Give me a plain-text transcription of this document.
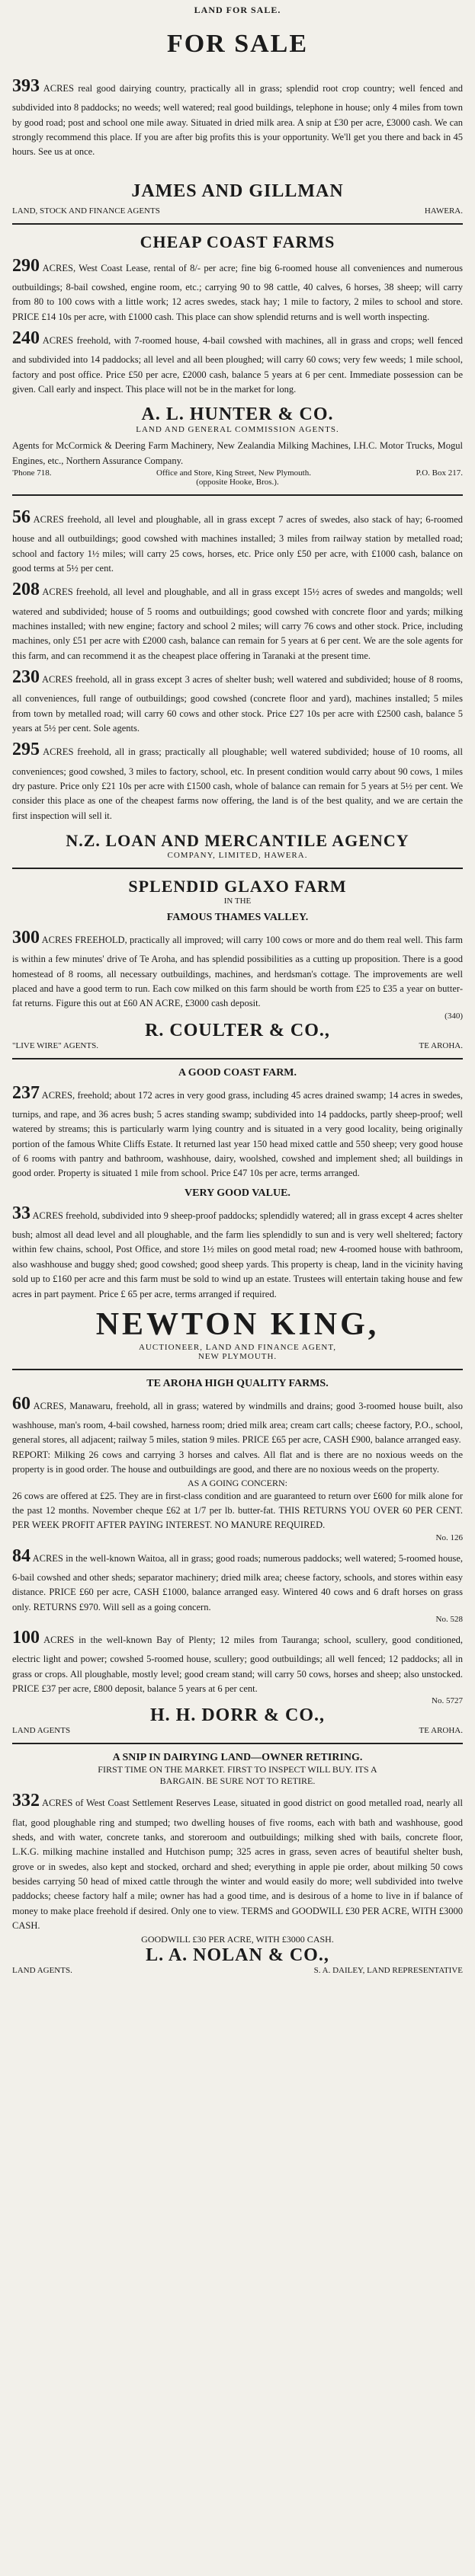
LAND FOR SALE.
FOR SALE
393 ACRES real good dairying country, practically all in grass; splendid root crop country; well fenced and subdivided into 8 paddocks; no weeds; well watered; real good buildings, telephone in house; only 4 miles from town by good road; post and school one mile away. Situated in dried milk area. A snip at £30 per acre, £3000 cash. We can strongly recommend this place. If you are after big profits this is your opportunity. We'll get you there and back in 45 hours. See us at once.
JAMES AND GILLMAN
LAND, STOCK AND FINANCE AGENTS	HAWERA.
CHEAP COAST FARMS
290 ACRES, West Coast Lease, rental of 8/- per acre; fine big 6-roomed house all conveniences and numerous outbuildings; 8-bail cowshed, engine room, etc.; carrying 90 to 98 cattle, 40 calves, 6 horses, 38 sheep; will carry from 80 to 100 cows with a little work; 12 acres swedes, stack hay; 1 mile to factory, 2 miles to school and store. PRICE £14 10s per acre, with £1000 cash. This place can show splendid returns and is well worth inspecting.
240 ACRES freehold, with 7-roomed house, 4-bail cowshed with machines, all in grass and crops; well fenced and subdivided into 14 paddocks; all level and all been ploughed; will carry 60 cows; very few weeds; 1 mile school, factory and post office. Price £50 per acre, £2000 cash, balance 5 years at 6 per cent. Immediate possession can be given. Call early and inspect. This place will not be in the market for long.
A. L. HUNTER & CO.
LAND AND GENERAL COMMISSION AGENTS.
Agents for McCormick & Deering Farm Machinery, New Zealandia Milking Machines, I.H.C. Motor Trucks, Mogul Engines, etc., Northern Assurance Company.
'Phone 718.	Office and Store, King Street, New Plymouth.	P.O. Box 217.
(opposite Hooke, Bros.).
56 ACRES freehold, all level and ploughable, all in grass except 7 acres of swedes, also stack of hay; 6-roomed house and all outbuildings; good cowshed with machines installed; 3 miles from railway station by metalled road; school and factory 1½ miles; will carry 25 cows, horses, etc. Price only £50 per acre, with £1000 cash, balance on good terms at 5½ per cent.
208 ACRES freehold, all level and ploughable, and all in grass except 15½ acres of swedes and mangolds; well watered and subdivided; house of 5 rooms and outbuildings; good cowshed with concrete floor and yards; milking machines installed; with new engine; factory and school 2 miles; will carry 76 cows and other stock. Price, including machines, only £51 per acre with £2000 cash, balance can remain for 5 years at 6 per cent. We are the sole agents for this farm, and can recommend it as the cheapest place offering in Taranaki at the present time.
230 ACRES freehold, all in grass except 3 acres of shelter bush; well watered and subdivided; house of 8 rooms, all conveniences, full range of outbuildings; good cowshed (concrete floor and yard), machines installed; 5 miles from town by metalled road; will carry 60 cows and other stock. Price £27 10s per acre with £2500 cash, balance 5 years at 5½ per cent. Sole agents.
295 ACRES freehold, all in grass; practically all ploughable; well watered subdivided; house of 10 rooms, all conveniences; good cowshed, 3 miles to factory, school, etc. In present condition would carry about 90 cows, 1 miles dry pasture. Price only £21 10s per acre with £1500 cash, whole of balance can remain for 5 years at 5½ per cent. We consider this place as one of the cheapest farms now offering, the land is of the best quality, and we are certain the first inspection will sell it.
N.Z. LOAN AND MERCANTILE AGENCY
COMPANY, LIMITED, HAWERA.
SPLENDID GLAXO FARM
IN THE
FAMOUS THAMES VALLEY.
300 ACRES FREEHOLD, practically all improved; will carry 100 cows or more and do them real well. This farm is within a few minutes' drive of Te Aroha, and has splendid possibilities as a cutting up proposition. There is a good homestead of 8 rooms, all necessary outbuildings, machines, and herdsman's cottage. The improvements are well placed and have a good term to run. Each cow milked on this farm should be worth from £25 to £35 a year on butter-fat returns. Figure this out at £60 AN ACRE, £3000 cash deposit.
(340)
R. COULTER & CO.,
"LIVE WIRE" AGENTS.	TE AROHA.
A GOOD COAST FARM.
237 ACRES, freehold; about 172 acres in very good grass, including 45 acres drained swamp; 14 acres in swedes, turnips, and rape, and 36 acres bush; 5 acres standing swamp; subdivided into 14 paddocks, partly sheep-proof; well watered by streams; this is particularly warm lying country and is situated in a very good locality, being originally portion of the famous White Cliffs Estate. It returned last year 150 head mixed cattle and 550 sheep; very good house of 6 rooms with pantry and bathroom, washhouse, dairy, woolshed, cowshed and implement shed; all buildings in good order. Property is situated 1 mile from school. Price £47 10s per acre, terms arranged.
VERY GOOD VALUE.
33 ACRES freehold, subdivided into 9 sheep-proof paddocks; splendidly watered; all in grass except 4 acres shelter bush; almost all dead level and all ploughable, and the farm lies splendidly to sun and is very well sheltered; factory within few chains, school, Post Office, and store 1½ miles on good metal road; new 4-roomed house with bathroom, also washhouse and buggy shed; good cowshed; good sheep yards. This property is cheap, land in the vicinity having sold up to £160 per acre and this farm must be sold to wind up an estate. Trustees will entertain taking house and few acres in part payment. Price £ 65 per acre, terms arranged if required.
NEWTON KING,
AUCTIONEER, LAND AND FINANCE AGENT,
NEW PLYMOUTH.
TE AROHA HIGH QUALITY FARMS.
60 ACRES, Manawaru, freehold, all in grass; watered by windmills and drains; good 3-roomed house built, also washhouse, man's room, 4-bail cowshed, harness room; dried milk area; cream cart calls; cheese factory, P.O., school, general stores, all adjacent; railway 5 miles, station 9 miles. PRICE £65 per acre, CASH £900, balance arranged easy.
REPORT: Milking 26 cows and carrying 3 horses and calves. All flat and is there are no noxious weeds on the property is in good order. The house and outbuildings are good, and there are no noxious weeds on the property.
AS A GOING CONCERN:
26 cows are offered at £25. They are in first-class condition and are guaranteed to return over £600 for milk alone for the past 12 months. November cheque £62 at 1/7 per lb. butter-fat. THIS RETURNS YOU OVER 60 PER CENT. PER WEEK PROFIT AFTER PAYING INTEREST. NO MANURE REQUIRED.
No. 126
84 ACRES in the well-known Waitoa, all in grass; good roads; numerous paddocks; well watered; 5-roomed house, 6-bail cowshed and other sheds; separator machinery; dried milk area; cheese factory, schools, and stores within easy distance. PRICE £60 per acre, CASH £1000, balance arranged easy. Wintered 40 cows and 6 draft horses on grass only. RETURNS £970. Will sell as a going concern.
No. 528
100 ACRES in the well-known Bay of Plenty; 12 miles from Tauranga; school, scullery, good conditioned, electric light and power; cowshed 5-roomed house, scullery; good outbuildings; all well fenced; 12 paddocks; all in grass or crops. All ploughable, mostly level; good cream stand; will carry 50 cows, horses and sheep; also unstocked. PRICE £37 per acre, £800 deposit, balance 5 years at 6 per cent.
No. 5727
H. H. DORR & CO.,
LAND AGENTS	TE AROHA.
A SNIP IN DAIRYING LAND—OWNER RETIRING.
FIRST TIME ON THE MARKET. FIRST TO INSPECT WILL BUY. ITS A
BARGAIN. BE SURE NOT TO RETIRE.
332 ACRES of West Coast Settlement Reserves Lease, situated in good district on good metalled road, nearly all flat, good ploughable ring and stumped; two dwelling houses of five rooms, each with bath and washhouse, good sheds, and with water, concrete tanks, and storeroom and outbuildings; milking shed with bails, concrete floor, L.K.G. milking machine installed and Hutchison pump; 325 acres in grass, seven acres of beautiful shelter bush, grove or in swedes, also kept and stocked, orchard and shed; everything in apple pie order, about milking 50 cows besides carrying 50 head of mixed cattle through the winter and would easily do more; well subdivided into twelve paddocks; cheese factory half a mile; owner has had a good time, and is desirous of a home to live in if balance of money to make place freehold if desired. Only one to view. TERMS and GOODWILL £30 PER ACRE, WITH £3000 CASH.
GOODWILL £30 PER ACRE, WITH £3000 CASH.
L. A. NOLAN & CO.,
LAND AGENTS.	S. A. DAILEY, LAND REPRESENTATIVE
